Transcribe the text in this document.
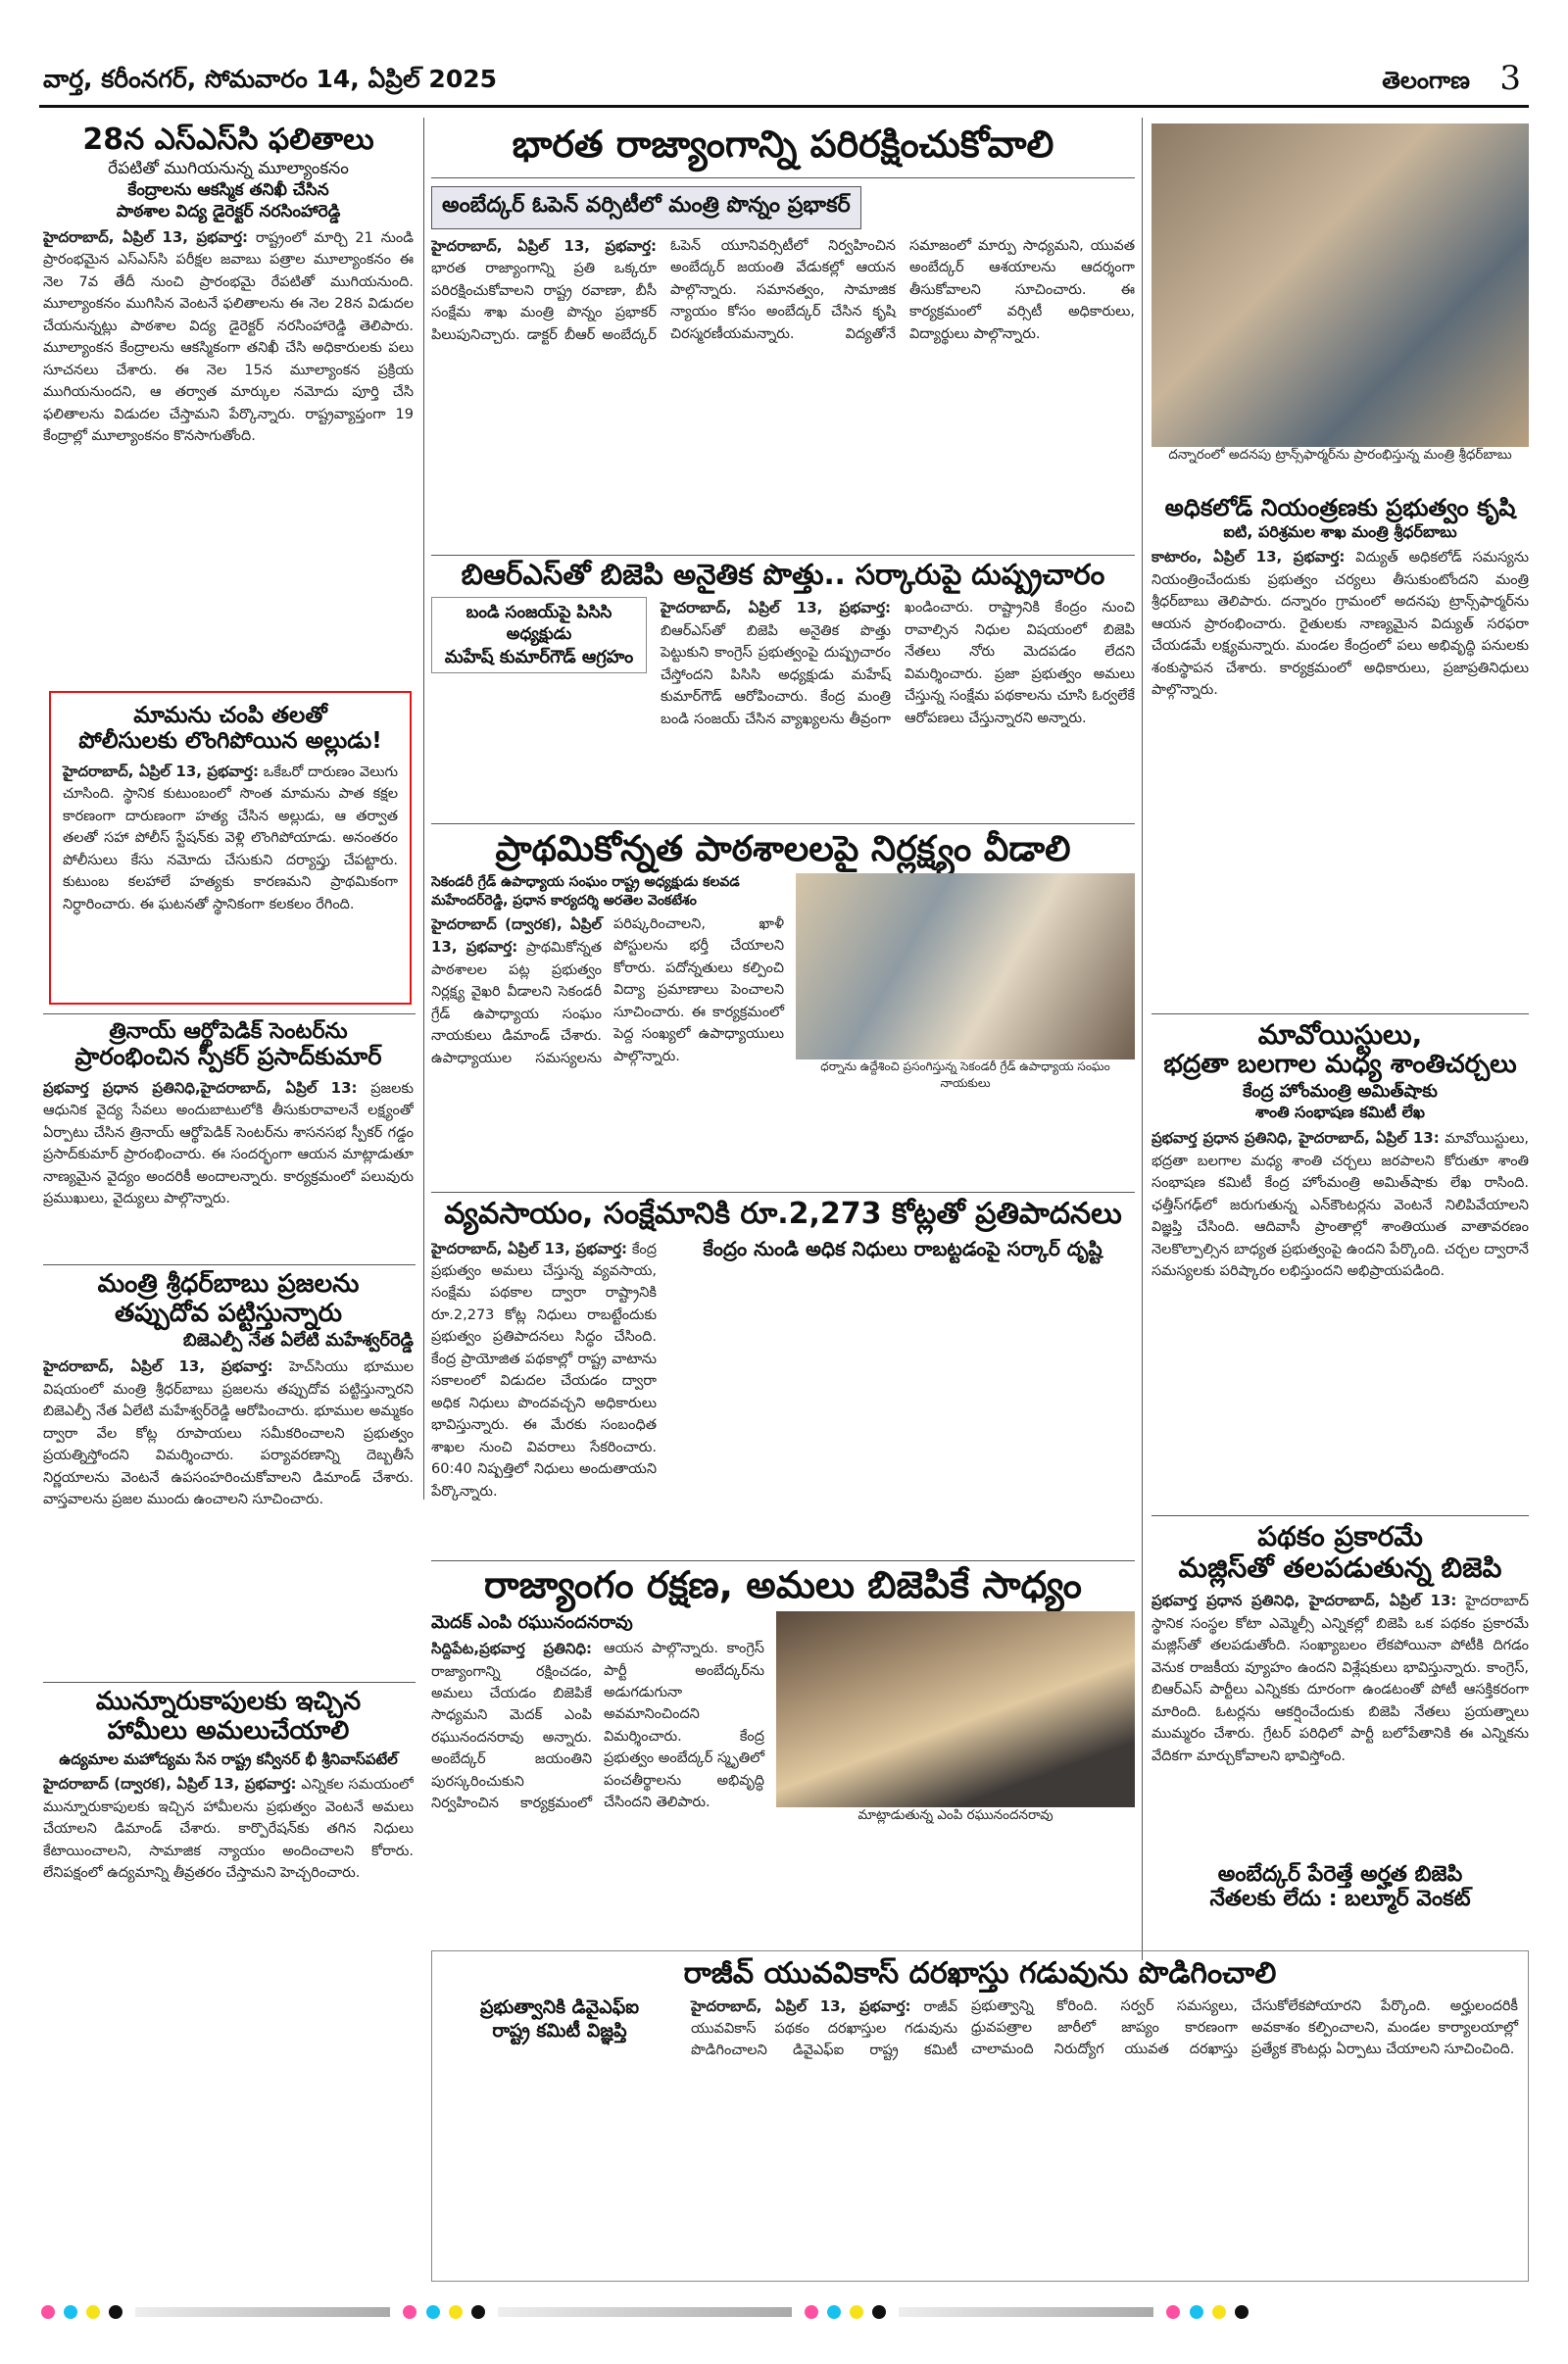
వార్త, కరీంనగర్, సోమవారం 14, ఏప్రిల్ 2025	తెలంగాణ 3
28న ఎస్ఎస్‌సి ఫలితాలు
రేపటితో ముగియనున్న మూల్యాంకనం
కేంద్రాలను ఆకస్మిక తనిఖీ చేసిన
పాఠశాల విద్య డైరెక్టర్ నరసింహారెడ్డి
హైదరాబాద్, ఏప్రిల్ 13, ప్రభవార్త: రాష్ట్రంలో మార్చి 21 నుండి ప్రారంభమైన ఎస్‌ఎస్‌సి పరీక్షల జవాబు పత్రాల మూల్యాంకనం ఈ నెల 7వ తేదీ నుంచి ప్రారంభమై రేపటితో ముగియనుంది. మూల్యాంకనం ముగిసిన వెంటనే ఫలితాలను ఈ నెల 28న విడుదల చేయనున్నట్లు పాఠశాల విద్య డైరెక్టర్ నరసింహారెడ్డి తెలిపారు. మూల్యాంకన కేంద్రాలను ఆకస్మికంగా తనిఖీ చేసి అధికారులకు పలు సూచనలు చేశారు. ఈ నెల 15న మూల్యాంకన ప్రక్రియ ముగియనుందని, ఆ తర్వాత మార్కుల నమోదు పూర్తి చేసి ఫలితాలను విడుదల చేస్తామని పేర్కొన్నారు. రాష్ట్రవ్యాప్తంగా 19 కేంద్రాల్లో మూల్యాంకనం కొనసాగుతోంది.
మామను చంపి తలతో
పోలీసులకు లొంగిపోయిన అల్లుడు!
హైదరాబాద్, ఏప్రిల్ 13, ప్రభవార్త: ఒకేఒరో దారుణం వెలుగు చూసింది. స్థానిక కుటుంబంలో సొంత మామను పాత కక్షల కారణంగా దారుణంగా హత్య చేసిన అల్లుడు, ఆ తర్వాత తలతో సహా పోలీస్ స్టేషన్‌కు వెళ్లి లొంగిపోయాడు. అనంతరం పోలీసులు కేసు నమోదు చేసుకుని దర్యాప్తు చేపట్టారు. కుటుంబ కలహాలే హత్యకు కారణమని ప్రాథమికంగా నిర్ధారించారు. ఈ ఘటనతో స్థానికంగా కలకలం రేగింది.
త్రినాయ్ ఆర్థోపెడిక్ సెంటర్‌ను
ప్రారంభించిన స్పీకర్ ప్రసాద్‌కుమార్
ప్రభవార్త ప్రధాన ప్రతినిధి,హైదరాబాద్, ఏప్రిల్ 13: ప్రజలకు ఆధునిక వైద్య సేవలు అందుబాటులోకి తీసుకురావాలనే లక్ష్యంతో ఏర్పాటు చేసిన త్రినాయ్ ఆర్థోపెడిక్ సెంటర్‌ను శాసనసభ స్పీకర్ గడ్డం ప్రసాద్‌కుమార్ ప్రారంభించారు. ఈ సందర్భంగా ఆయన మాట్లాడుతూ నాణ్యమైన వైద్యం అందరికీ అందాలన్నారు. కార్యక్రమంలో పలువురు ప్రముఖులు, వైద్యులు పాల్గొన్నారు.
మంత్రి శ్రీధర్‌బాబు ప్రజలను
తప్పుదోవ పట్టిస్తున్నారు
బిజెఎల్పీ నేత ఏలేటి మహేశ్వర్‌రెడ్డి
హైదరాబాద్, ఏప్రిల్ 13, ప్రభవార్త: హెచ్‌సియు భూముల విషయంలో మంత్రి శ్రీధర్‌బాబు ప్రజలను తప్పుదోవ పట్టిస్తున్నారని బిజెఎల్పీ నేత ఏలేటి మహేశ్వర్‌రెడ్డి ఆరోపించారు. భూముల అమ్మకం ద్వారా వేల కోట్ల రూపాయలు సమీకరించాలని ప్రభుత్వం ప్రయత్నిస్తోందని విమర్శించారు. పర్యావరణాన్ని దెబ్బతీసే నిర్ణయాలను వెంటనే ఉపసంహరించుకోవాలని డిమాండ్ చేశారు. వాస్తవాలను ప్రజల ముందు ఉంచాలని సూచించారు.
మున్నూరుకాపులకు ఇచ్చిన
హామీలు అమలుచేయాలి
ఉద్యమాల మహోద్యమ సేన రాష్ట్ర కన్వీనర్ భీ శ్రీనివాస్‌పటేల్
హైదరాబాద్ (ద్వారక), ఏప్రిల్ 13, ప్రభవార్త: ఎన్నికల సమయంలో మున్నూరుకాపులకు ఇచ్చిన హామీలను ప్రభుత్వం వెంటనే అమలు చేయాలని డిమాండ్ చేశారు. కార్పొరేషన్‌కు తగిన నిధులు కేటాయించాలని, సామాజిక న్యాయం అందించాలని కోరారు. లేనిపక్షంలో ఉద్యమాన్ని తీవ్రతరం చేస్తామని హెచ్చరించారు.
భారత రాజ్యాంగాన్ని పరిరక్షించుకోవాలి
అంబేద్కర్ ఓపెన్ వర్సిటీలో మంత్రి పొన్నం ప్రభాకర్
హైదరాబాద్, ఏప్రిల్ 13, ప్రభవార్త: భారత రాజ్యాంగాన్ని ప్రతి ఒక్కరూ పరిరక్షించుకోవాలని రాష్ట్ర రవాణా, బీసీ సంక్షేమ శాఖ మంత్రి పొన్నం ప్రభాకర్ పిలుపునిచ్చారు. డాక్టర్ బీఆర్ అంబేద్కర్ ఓపెన్ యూనివర్సిటీలో నిర్వహించిన అంబేద్కర్ జయంతి వేడుకల్లో ఆయన పాల్గొన్నారు. సమానత్వం, సామాజిక న్యాయం కోసం అంబేద్కర్ చేసిన కృషి చిరస్మరణీయమన్నారు. విద్యతోనే సమాజంలో మార్పు సాధ్యమని, యువత అంబేద్కర్ ఆశయాలను ఆదర్శంగా తీసుకోవాలని సూచించారు. ఈ కార్యక్రమంలో వర్సిటీ అధికారులు, విద్యార్థులు పాల్గొన్నారు.
బిఆర్ఎస్‌తో బిజెపి అనైతిక పొత్తు.. సర్కారుపై దుష్ప్రచారం
బండి సంజయ్‌పై పిసిసి అధ్యక్షుడు
మహేష్ కుమార్‌గౌడ్ ఆగ్రహం
హైదరాబాద్, ఏప్రిల్ 13, ప్రభవార్త: బిఆర్ఎస్‌తో బిజెపి అనైతిక పొత్తు పెట్టుకుని కాంగ్రెస్ ప్రభుత్వంపై దుష్ప్రచారం చేస్తోందని పిసిసి అధ్యక్షుడు మహేష్ కుమార్‌గౌడ్ ఆరోపించారు. కేంద్ర మంత్రి బండి సంజయ్ చేసిన వ్యాఖ్యలను తీవ్రంగా ఖండించారు. రాష్ట్రానికి కేంద్రం నుంచి రావాల్సిన నిధుల విషయంలో బిజెపి నేతలు నోరు మెదపడం లేదని విమర్శించారు. ప్రజా ప్రభుత్వం అమలు చేస్తున్న సంక్షేమ పథకాలను చూసి ఓర్వలేకే ఆరోపణలు చేస్తున్నారని అన్నారు.
ప్రాథమికోన్నత పాఠశాలలపై నిర్లక్ష్యం వీడాలి
సెకండరీ గ్రేడ్ ఉపాధ్యాయ సంఘం రాష్ట్ర అధ్యక్షుడు కలవడ
మహేందర్‌రెడ్డి, ప్రధాన కార్యదర్శి అరతెల వెంకటేశం
హైదరాబాద్ (ద్వారక), ఏప్రిల్ 13, ప్రభవార్త: ప్రాథమికోన్నత పాఠశాలల పట్ల ప్రభుత్వం నిర్లక్ష్య వైఖరి వీడాలని సెకండరీ గ్రేడ్ ఉపాధ్యాయ సంఘం నాయకులు డిమాండ్ చేశారు. ఉపాధ్యాయుల సమస్యలను పరిష్కరించాలని, ఖాళీ పోస్టులను భర్తీ చేయాలని కోరారు. పదోన్నతులు కల్పించి విద్యా ప్రమాణాలు పెంచాలని సూచించారు. ఈ కార్యక్రమంలో పెద్ద సంఖ్యలో ఉపాధ్యాయులు పాల్గొన్నారు.
ధర్నాను ఉద్దేశించి ప్రసంగిస్తున్న సెకండరీ గ్రేడ్ ఉపాధ్యాయ సంఘం నాయకులు
వ్యవసాయం, సంక్షేమానికి రూ.2,273 కోట్లతో ప్రతిపాదనలు
హైదరాబాద్, ఏప్రిల్ 13, ప్రభవార్త: కేంద్ర ప్రభుత్వం అమలు చేస్తున్న వ్యవసాయ, సంక్షేమ పథకాల ద్వారా రాష్ట్రానికి రూ.2,273 కోట్ల నిధులు రాబట్టేందుకు ప్రభుత్వం ప్రతిపాదనలు సిద్ధం చేసింది. కేంద్ర ప్రాయోజిత పథకాల్లో రాష్ట్ర వాటాను సకాలంలో విడుదల చేయడం ద్వారా అధిక నిధులు పొందవచ్చని అధికారులు భావిస్తున్నారు. ఈ మేరకు సంబంధిత శాఖల నుంచి వివరాలు సేకరించారు. 60:40 నిష్పత్తిలో నిధులు అందుతాయని పేర్కొన్నారు.
కేంద్రం నుండి అధిక నిధులు రాబట్టడంపై సర్కార్ దృష్టి
రాజ్యాంగం రక్షణ, అమలు బిజెపికే సాధ్యం
మెదక్ ఎంపి రఘునందనరావు
సిద్దిపేట,ప్రభవార్త ప్రతినిధి: రాజ్యాంగాన్ని రక్షించడం, అమలు చేయడం బిజెపికే సాధ్యమని మెదక్ ఎంపి రఘునందనరావు అన్నారు. అంబేద్కర్ జయంతిని పురస్కరించుకుని నిర్వహించిన కార్యక్రమంలో ఆయన పాల్గొన్నారు. కాంగ్రెస్ పార్టీ అంబేద్కర్‌ను అడుగడుగునా అవమానించిందని విమర్శించారు. కేంద్ర ప్రభుత్వం అంబేద్కర్ స్మృతిలో పంచతీర్థాలను అభివృద్ధి చేసిందని తెలిపారు.
మాట్లాడుతున్న ఎంపి రఘునందనరావు
రాజీవ్ యువవికాస్ దరఖాస్తు గడువును పొడిగించాలి
ప్రభుత్వానికి డివైఎఫ్ఐ
రాష్ట్ర కమిటీ విజ్ఞప్తి
హైదరాబాద్, ఏప్రిల్ 13, ప్రభవార్త: రాజీవ్ యువవికాస్ పథకం దరఖాస్తుల గడువును పొడిగించాలని డివైఎఫ్ఐ రాష్ట్ర కమిటీ ప్రభుత్వాన్ని కోరింది. సర్వర్ సమస్యలు, ధ్రువపత్రాల జారీలో జాప్యం కారణంగా చాలామంది నిరుద్యోగ యువత దరఖాస్తు చేసుకోలేకపోయారని పేర్కొంది. అర్హులందరికీ అవకాశం కల్పించాలని, మండల కార్యాలయాల్లో ప్రత్యేక కౌంటర్లు ఏర్పాటు చేయాలని సూచించింది.
దన్నారంలో అదనపు ట్రాన్స్‌ఫార్మర్‌ను ప్రారంభిస్తున్న మంత్రి శ్రీధర్‌బాబు
అధికలోడ్ నియంత్రణకు ప్రభుత్వం కృషి
ఐటి, పరిశ్రమల శాఖ మంత్రి శ్రీధర్‌బాబు
కాటారం, ఏప్రిల్ 13, ప్రభవార్త: విద్యుత్ అధికలోడ్ సమస్యను నియంత్రించేందుకు ప్రభుత్వం చర్యలు తీసుకుంటోందని మంత్రి శ్రీధర్‌బాబు తెలిపారు. దన్నారం గ్రామంలో అదనపు ట్రాన్స్‌ఫార్మర్‌ను ఆయన ప్రారంభించారు. రైతులకు నాణ్యమైన విద్యుత్ సరఫరా చేయడమే లక్ష్యమన్నారు. మండల కేంద్రంలో పలు అభివృద్ధి పనులకు శంకుస్థాపన చేశారు. కార్యక్రమంలో అధికారులు, ప్రజాప్రతినిధులు పాల్గొన్నారు.
మావోయిస్టులు,
భద్రతా బలగాల మధ్య శాంతిచర్చలు
కేంద్ర హోంమంత్రి అమిత్‌షాకు
శాంతి సంభాషణ కమిటీ లేఖ
ప్రభవార్త ప్రధాన ప్రతినిధి, హైదరాబాద్, ఏప్రిల్ 13: మావోయిస్టులు, భద్రతా బలగాల మధ్య శాంతి చర్చలు జరపాలని కోరుతూ శాంతి సంభాషణ కమిటీ కేంద్ర హోంమంత్రి అమిత్‌షాకు లేఖ రాసింది. ఛత్తీస్‌గఢ్‌లో జరుగుతున్న ఎన్‌కౌంటర్లను వెంటనే నిలిపివేయాలని విజ్ఞప్తి చేసింది. ఆదివాసీ ప్రాంతాల్లో శాంతియుత వాతావరణం నెలకొల్పాల్సిన బాధ్యత ప్రభుత్వంపై ఉందని పేర్కొంది. చర్చల ద్వారానే సమస్యలకు పరిష్కారం లభిస్తుందని అభిప్రాయపడింది.
పథకం ప్రకారమే
మజ్లిస్‌తో తలపడుతున్న బిజెపి
ప్రభవార్త ప్రధాన ప్రతినిధి, హైదరాబాద్, ఏప్రిల్ 13: హైదరాబాద్ స్థానిక సంస్థల కోటా ఎమ్మెల్సీ ఎన్నికల్లో బిజెపి ఒక పథకం ప్రకారమే మజ్లిస్‌తో తలపడుతోంది. సంఖ్యాబలం లేకపోయినా పోటీకి దిగడం వెనుక రాజకీయ వ్యూహం ఉందని విశ్లేషకులు భావిస్తున్నారు. కాంగ్రెస్, బిఆర్ఎస్ పార్టీలు ఎన్నికకు దూరంగా ఉండటంతో పోటీ ఆసక్తికరంగా మారింది. ఓటర్లను ఆకర్షించేందుకు బిజెపి నేతలు ప్రయత్నాలు ముమ్మరం చేశారు. గ్రేటర్ పరిధిలో పార్టీ బలోపేతానికి ఈ ఎన్నికను వేదికగా మార్చుకోవాలని భావిస్తోంది.
అంబేద్కర్ పేరెత్తే అర్హత బిజెపి
నేతలకు లేదు : బల్మూర్ వెంకట్
